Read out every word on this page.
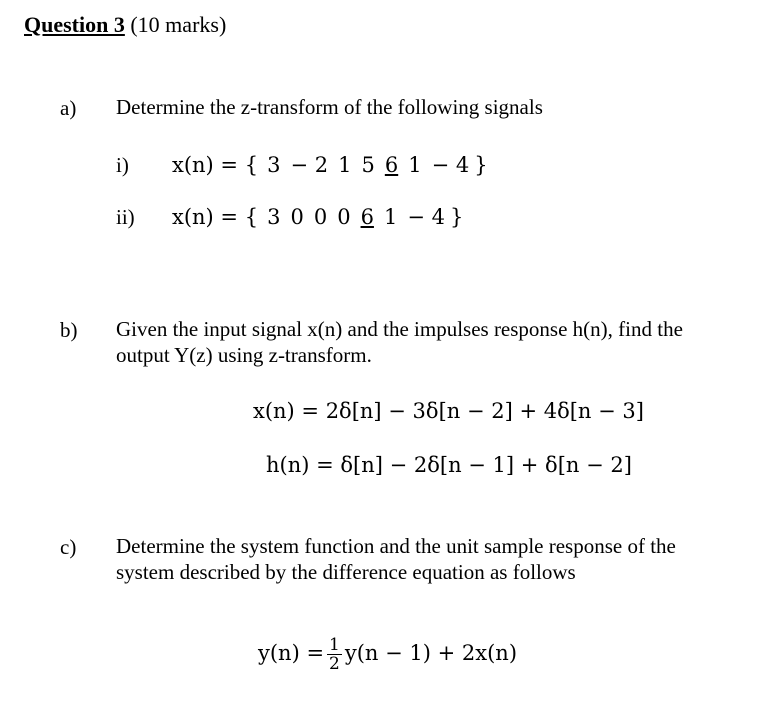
Question 3 (10 marks)
a) Determine the z-transform of the following signals
i) x(n) = { 3 − 2 1 5 6 1 − 4 }
ii) x(n) = { 3 0 0 0 6 1 − 4 }
b) Given the input signal x(n) and the impulses response h(n), find the
output Y(z) using z-transform.
x(n) = 2δ[n] − 3δ[n − 2] + 4δ[n − 3]
h(n) = δ[n] − 2δ[n − 1] + δ[n − 2]
c) Determine the system function and the unit sample response of the
system described by the difference equation as follows
$y(n) = \frac{1}{2} y(n - 1) + 2x(n)$
